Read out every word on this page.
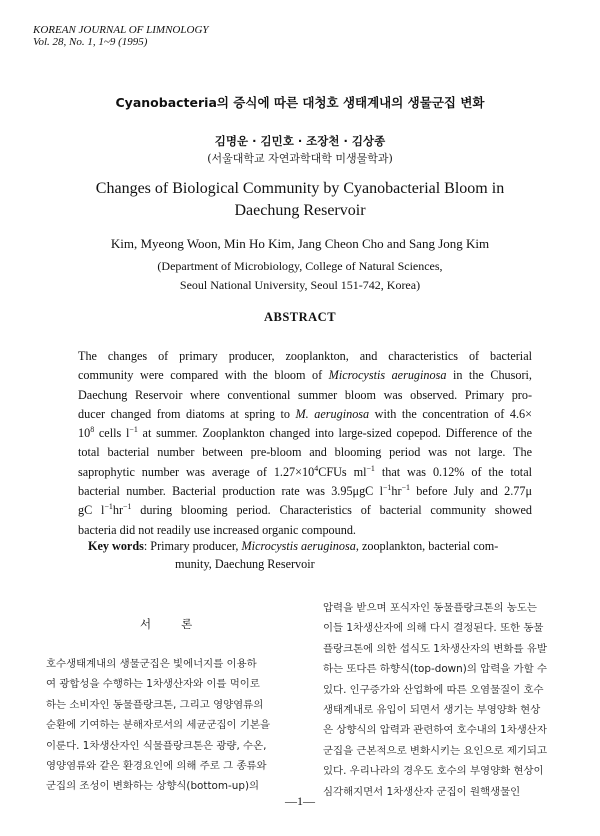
KOREAN JOURNAL OF LIMNOLOGY
Vol. 28, No. 1, 1~9 (1995)
Cyanobacteria의 증식에 따른 대청호 생태계내의 생물군집 변화
김명운 · 김민호 · 조장천 · 김상종
(서울대학교 자연과학대학 미생물학과)
Changes of Biological Community by Cyanobacterial Bloom in
Daechung Reservoir
Kim, Myeong Woon, Min Ho Kim, Jang Cheon Cho and Sang Jong Kim
(Department of Microbiology, College of Natural Sciences,
Seoul National University, Seoul 151-742, Korea)
ABSTRACT
The changes of primary producer, zooplankton, and characteristics of bacterial
community were compared with the bloom of Microcystis aeruginosa in the Chusori,
Daechung Reservoir where conventional summer bloom was observed. Primary pro-
ducer changed from diatoms at spring to M. aeruginosa with the concentration of 4.6×
$10^8$ cells $l^{-1}$ at summer. Zooplankton changed into large-sized copepod. Difference of the
total bacterial number between pre-bloom and blooming period was not large. The
saprophytic number was average of $1.27\times 10^4CFUs$ $ml^{-1}$ that was 0.12% of the total
bacterial number. Bacterial production rate was 3.95μgC $l^{-1}hr^{-1}$ before July and 2.77μ
gC $l^{-1}hr^{-1}$ during blooming period. Characteristics of bacterial community showed
bacteria did not readily use increased organic compound.
Key words: Primary producer, Microcystis aeruginosa, zooplankton, bacterial com-
munity, Daechung Reservoir
서론
호수생태계내의 생물군집은 빛에너지를 이용하
여 광합성을 수행하는 1차생산자와 이를 먹이로
하는 소비자인 동물플랑크톤, 그리고 영양염류의
순환에 기여하는 분해자로서의 세균군집이 기본을
이룬다. 1차생산자인 식물플랑크톤은 광량, 수온,
영양염류와 같은 환경요인에 의해 주로 그 종류와
군집의 조성이 변화하는 상향식(bottom-up)의
압력을 받으며 포식자인 동물플랑크톤의 농도는
이들 1차생산자에 의해 다시 결정된다. 또한 동물
플랑크톤에 의한 섭식도 1차생산자의 변화를 유발
하는 또다른 하향식(top-down)의 압력을 가할 수
있다. 인구증가와 산업화에 따른 오염물질이 호수
생태계내로 유입이 되면서 생기는 부영양화 현상
은 상향식의 압력과 관련하여 호수내의 1차생산자
군집을 근본적으로 변화시키는 요인으로 제기되고
있다. 우리나라의 경우도 호수의 부영양화 현상이
심각해지면서 1차생산자 군집이 원핵생물인
—1—
